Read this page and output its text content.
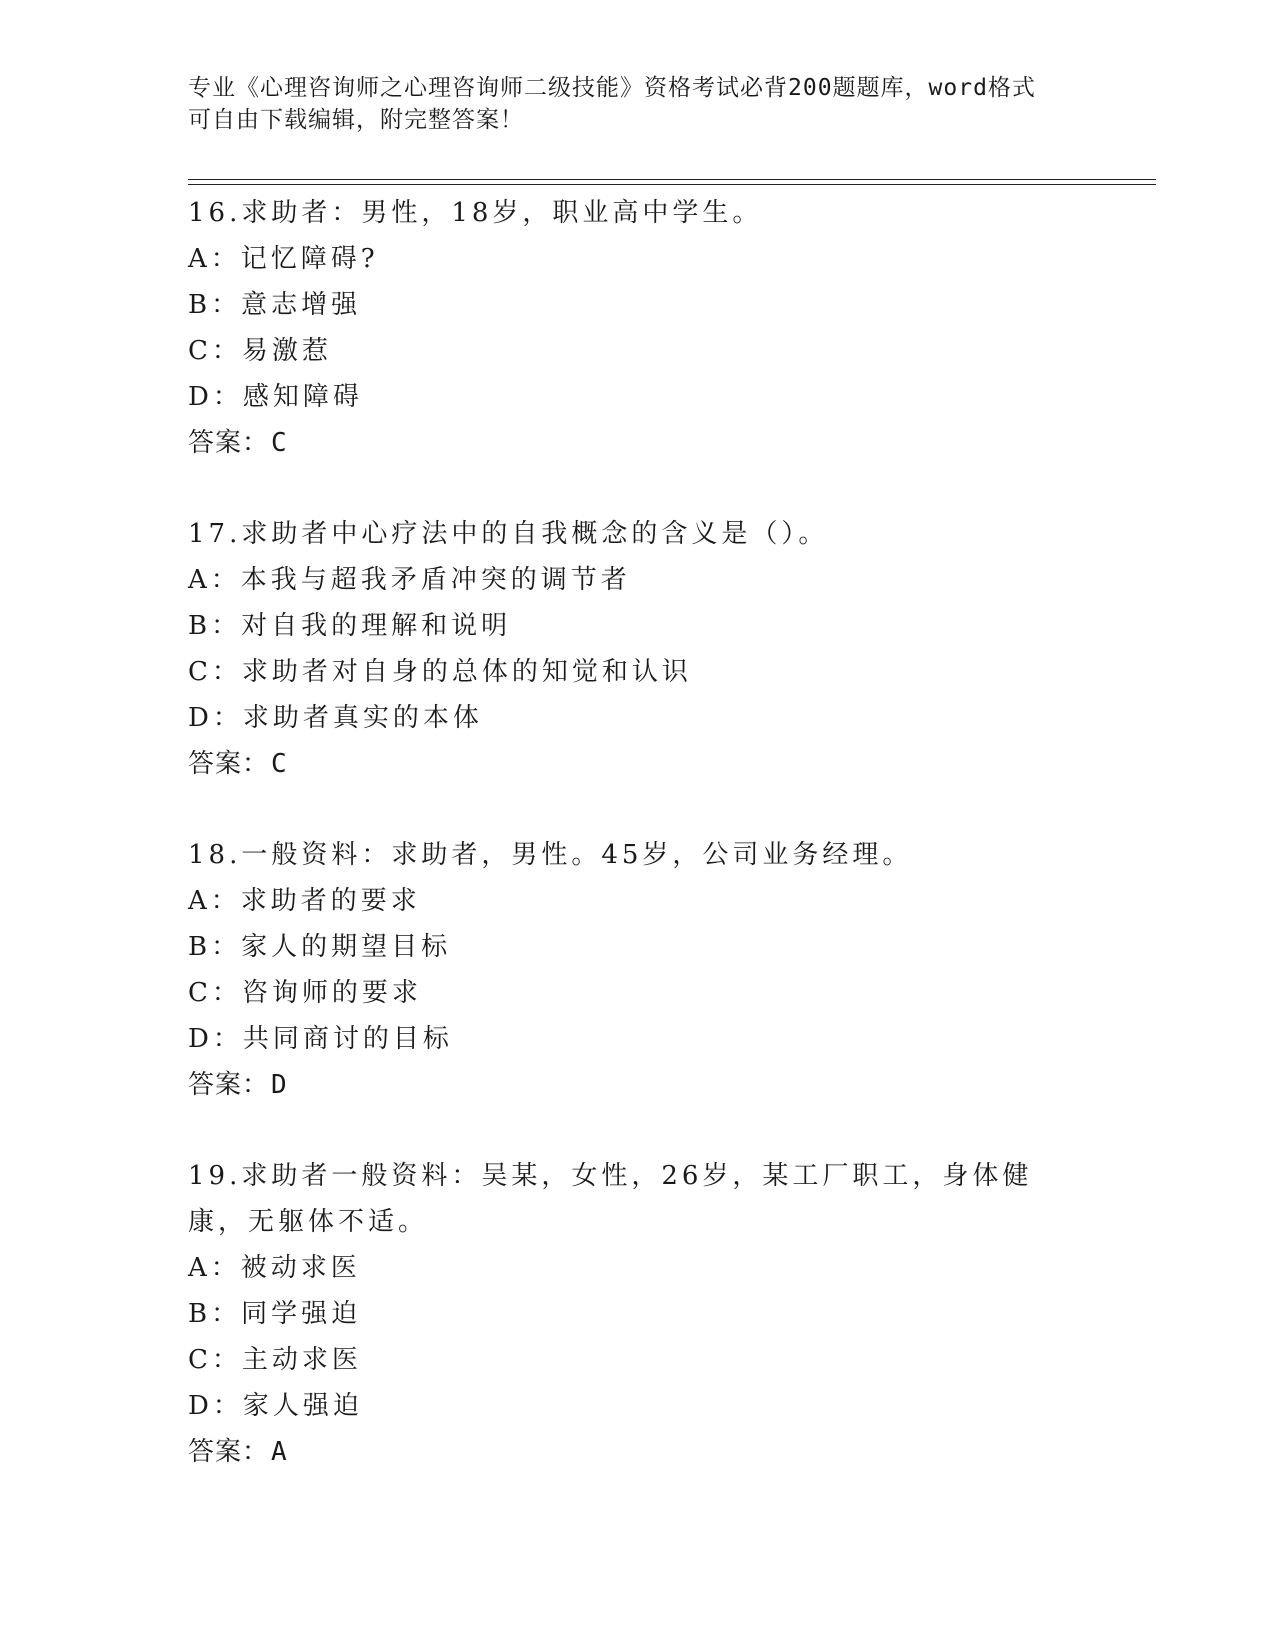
专业《心理咨询师之心理咨询师二级技能》资格考试必背200题题库，word格式
可自由下载编辑，附完整答案！
16.求助者：男性，18岁，职业高中学生。
A：记忆障碍?
B：意志增强
C：易激惹
D：感知障碍
答案：C
17.求助者中心疗法中的自我概念的含义是（）。
A：本我与超我矛盾冲突的调节者
B：对自我的理解和说明
C：求助者对自身的总体的知觉和认识
D：求助者真实的本体
答案：C
18.一般资料：求助者，男性。45岁，公司业务经理。
A：求助者的要求
B：家人的期望目标
C：咨询师的要求
D：共同商讨的目标
答案：D
19.求助者一般资料：吴某，女性，26岁，某工厂职工，身体健康，无躯体不适。
A：被动求医
B：同学强迫
C：主动求医
D：家人强迫
答案：A
